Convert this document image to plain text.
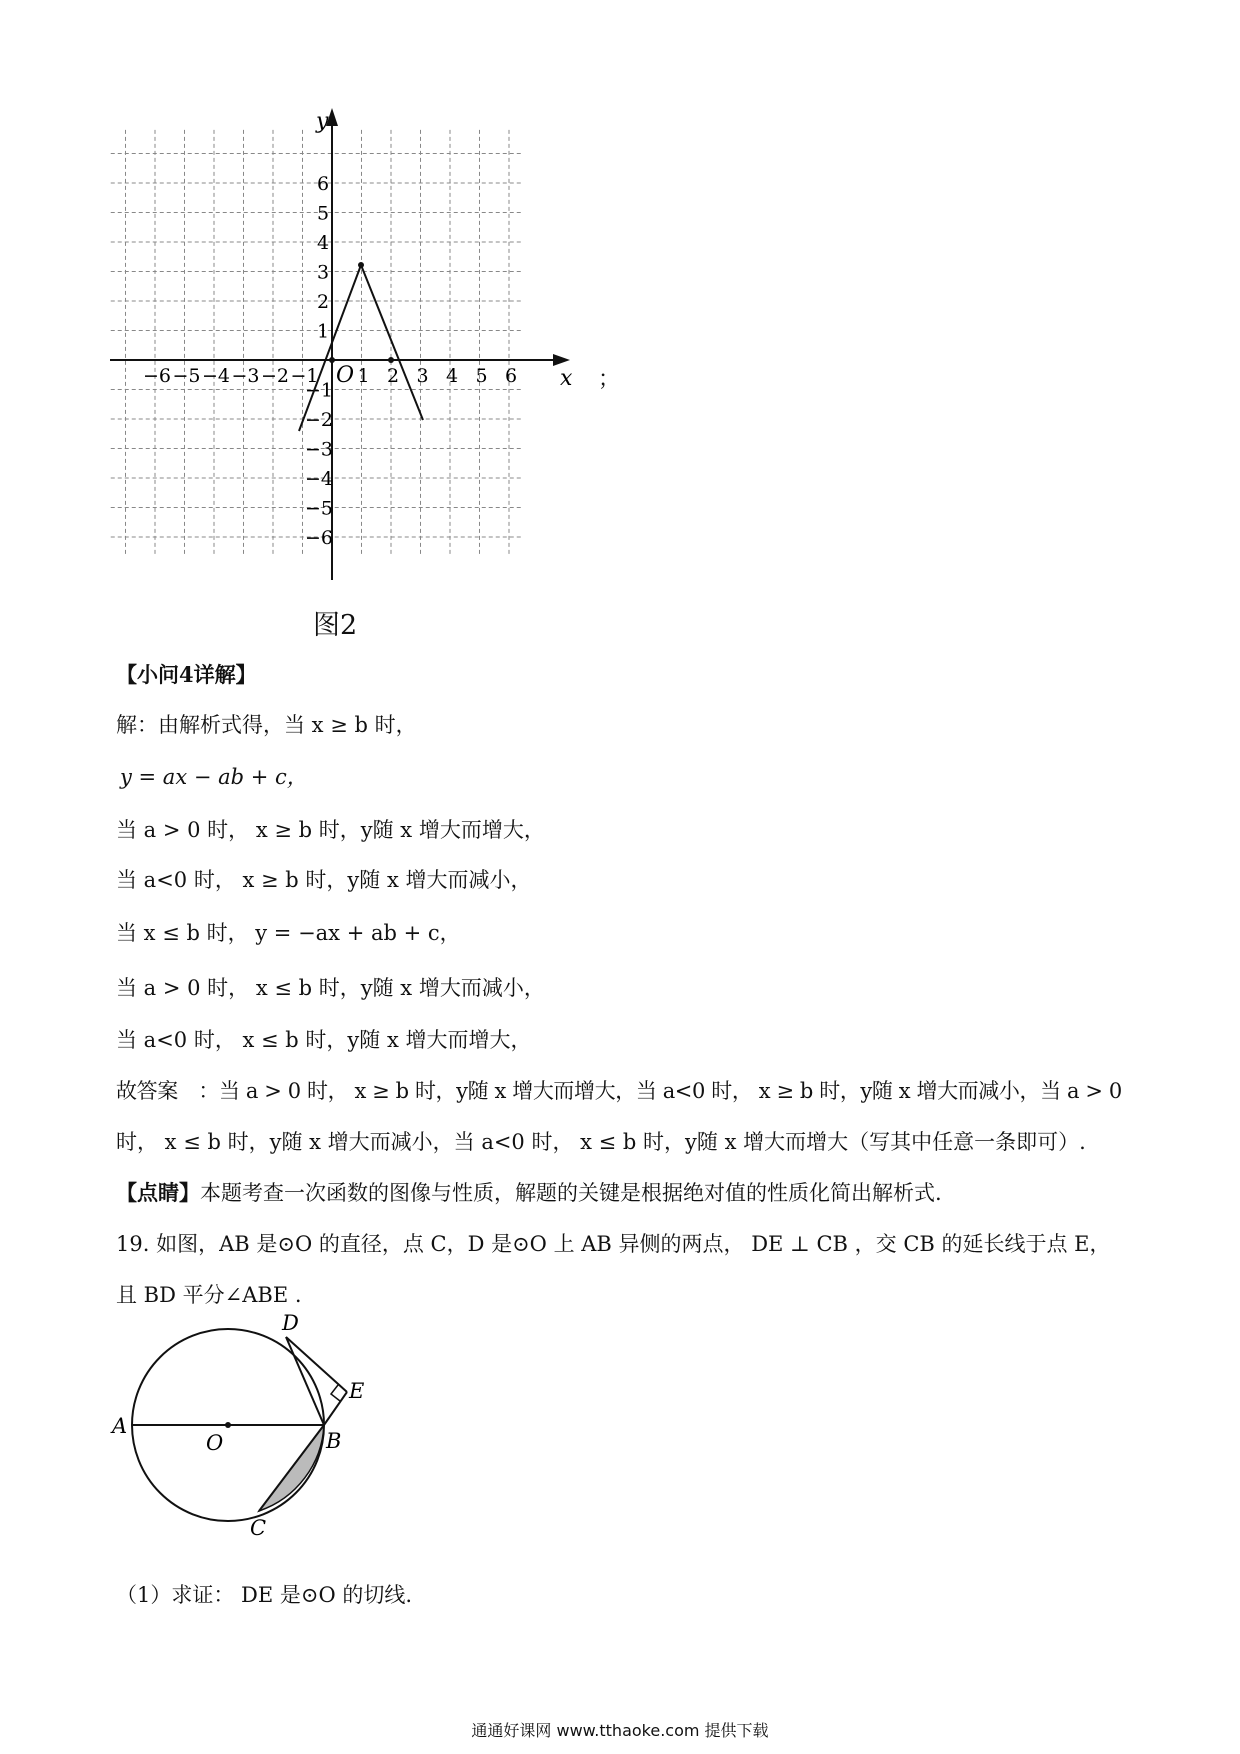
−6 −5 −4 −3 −2 −1 1 2 3 4 5 6
6
5
4
3
2
1
−1
−2
−3
−4
−5
−6
x
y
O	；
图2
【小问4详解】
解：由解析式得，当 x ≥ b 时，
y = ax − ab + c，
当 a > 0 时， x ≥ b 时，y随 x 增大而增大，
当 a<0 时， x ≥ b 时，y随 x 增大而减小，
当 x ≤ b 时， y = −ax + ab + c，
当 a > 0 时， x ≤ b 时，y随 x 增大而减小，
当 a<0 时， x ≤ b 时，y随 x 增大而增大，
故答案　：当 a > 0 时， x ≥ b 时，y随 x 增大而增大，当 a<0 时， x ≥ b 时，y随 x 增大而减小，当 a > 0
时， x ≤ b 时，y随 x 增大而减小，当 a<0 时， x ≤ b 时，y随 x 增大而增大（写其中任意一条即可）.
【点睛】本题考查一次函数的图像与性质，解题的关键是根据绝对值的性质化简出解析式.
19. 如图，AB 是⊙O 的直径，点 C，D 是⊙O 上 AB 异侧的两点， DE ⊥ CB ，交 CB 的延长线于点 E，
且 BD 平分∠ABE .
A
O	B
C
D
E
（1）求证： DE 是⊙O 的切线.
通通好课网 www.tthaoke.com 提供下载
